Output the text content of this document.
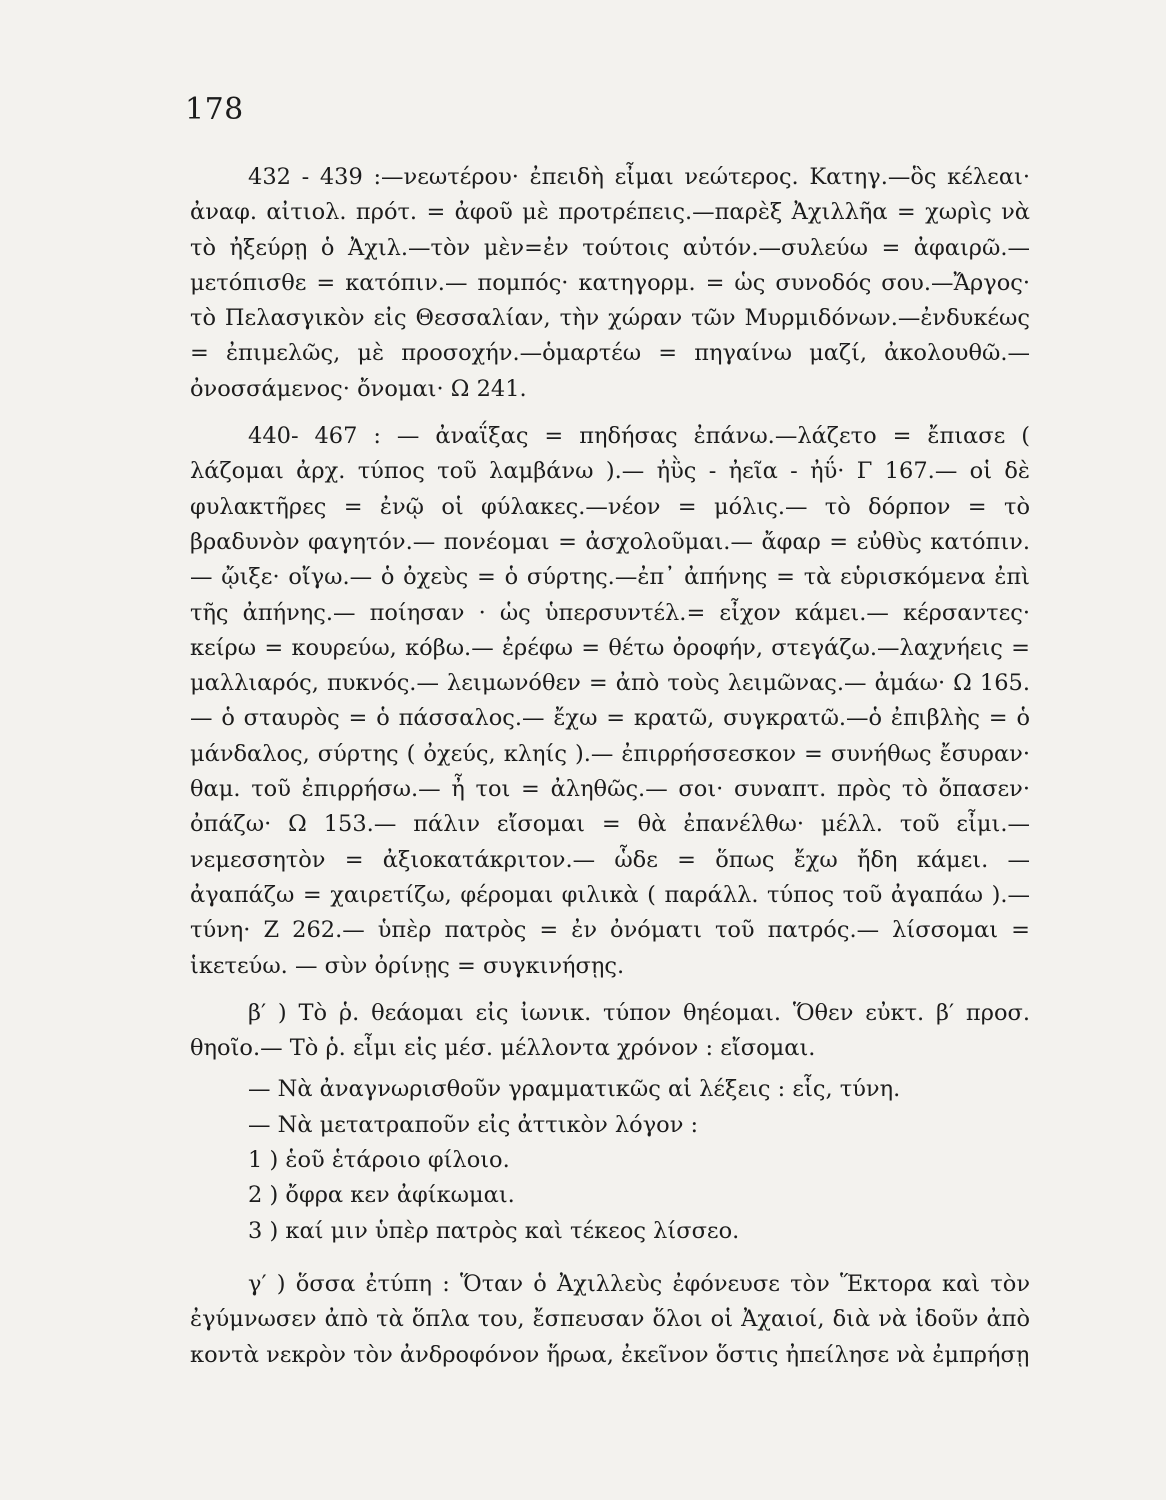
178

432 - 439 :—νεωτέρου· ἐπειδὴ εἶμαι νεώτερος. Κατηγ.—ὃς κέλεαι· ἀναφ. αἰτιολ. πρότ. = ἀφοῦ μὲ προτρέπεις.—παρὲξ Ἀχιλλῆα = χωρὶς νὰ τὸ ἠξεύρῃ ὁ Ἀχιλ.—τὸν μὲν=ἐν τούτοις αὐτόν.—συλεύω = ἀφαιρῶ.— μετόπισθε = κατόπιν.— πομπός· κατηγορμ. = ὡς συνοδός σου.—Ἄργος· τὸ Πελασγικὸν εἰς Θεσσαλίαν, τὴν χώραν τῶν Μυρμιδόνων.—ἐνδυκέως = ἐπιμελῶς, μὲ προσοχήν.—ὁμαρτέω = πηγαίνω μαζί, ἀκολουθῶ.— ὀνοσσάμενος· ὄνομαι· Ω 241.

440- 467 : — ἀναΐξας = πηδήσας ἐπάνω.—λάζετο = ἔπιασε ( λάζομαι ἀρχ. τύπος τοῦ λαμβάνω ).— ἠῢς - ἠεῖα - ἠΰ· Γ 167.— οἱ δὲ φυλακτῆρες = ἐνῷ οἱ φύλακες.—νέον = μόλις.— τὸ δόρπον = τὸ βραδυνὸν φαγητόν.— πονέομαι = ἀσχολοῦμαι.— ἄφαρ = εὐθὺς κατόπιν.— ᾤιξε· οἴγω.— ὁ ὀχεὺς = ὁ σύρτης.—ἐπ᾽ ἀπήνης = τὰ εὑρισκόμενα ἐπὶ τῆς ἀπήνης.— ποίησαν · ὡς ὑπερσυντέλ.= εἶχον κάμει.— κέρσαντες· κείρω = κουρεύω, κόβω.— ἐρέφω = θέτω ὀροφήν, στεγάζω.—λαχνήεις = μαλλιαρός, πυκνός.— λειμωνόθεν = ἀπὸ τοὺς λειμῶνας.— ἀμάω· Ω 165. — ὁ σταυρὸς = ὁ πάσσαλος.— ἔχω = κρατῶ, συγκρατῶ.—ὁ ἐπιβλὴς = ὁ μάνδαλος, σύρτης ( ὀχεύς, κληίς ).— ἐπιρρήσσεσκον = συνήθως ἔσυραν· θαμ. τοῦ ἐπιρρήσω.— ἦ τοι = ἀληθῶς.— σοι· συναπτ. πρὸς τὸ ὄπασεν· ὀπάζω· Ω 153.— πάλιν εἴσομαι = θὰ ἐπανέλθω· μέλλ. τοῦ εἶμι.— νεμεσσητὸν = ἀξιοκατάκριτον.— ὧδε = ὅπως ἔχω ἤδη κάμει. — ἀγαπάζω = χαιρετίζω, φέρομαι φιλικὰ ( παράλλ. τύπος τοῦ ἀγαπάω ).— τύνη· Ζ 262.— ὑπὲρ πατρὸς = ἐν ὀνόματι τοῦ πατρός.— λίσσομαι = ἱκετεύω. — σὺν ὀρίνῃς = συγκινήσῃς.

β′ ) Τὸ ῥ. θεάομαι εἰς ἰωνικ. τύπον θηέομαι. Ὅθεν εὐκτ. β′ προσ. θηοῖο.— Τὸ ῥ. εἶμι εἰς μέσ. μέλλοντα χρόνον : εἴσομαι.

— Νὰ ἀναγνωρισθοῦν γραμματικῶς αἱ λέξεις : εἷς, τύνη.

— Νὰ μετατραποῦν εἰς ἀττικὸν λόγον :

1 ) ἑοῦ ἑτάροιο φίλοιο.

2 ) ὄφρα κεν ἀφίκωμαι.

3 ) καί μιν ὑπὲρ πατρὸς καὶ τέκεος λίσσεο.

γ′ ) ὅσσα ἐτύπη : Ὅταν ὁ Ἀχιλλεὺς ἐφόνευσε τὸν Ἕκτορα καὶ τὸν ἐγύμνωσεν ἀπὸ τὰ ὅπλα του, ἔσπευσαν ὅλοι οἱ Ἀχαιοί, διὰ νὰ ἰδοῦν ἀπὸ κοντὰ νεκρὸν τὸν ἀνδροφόνον ἥρωα, ἐκεῖνον ὅστις ἠπείλησε νὰ ἐμπρήσῃ
